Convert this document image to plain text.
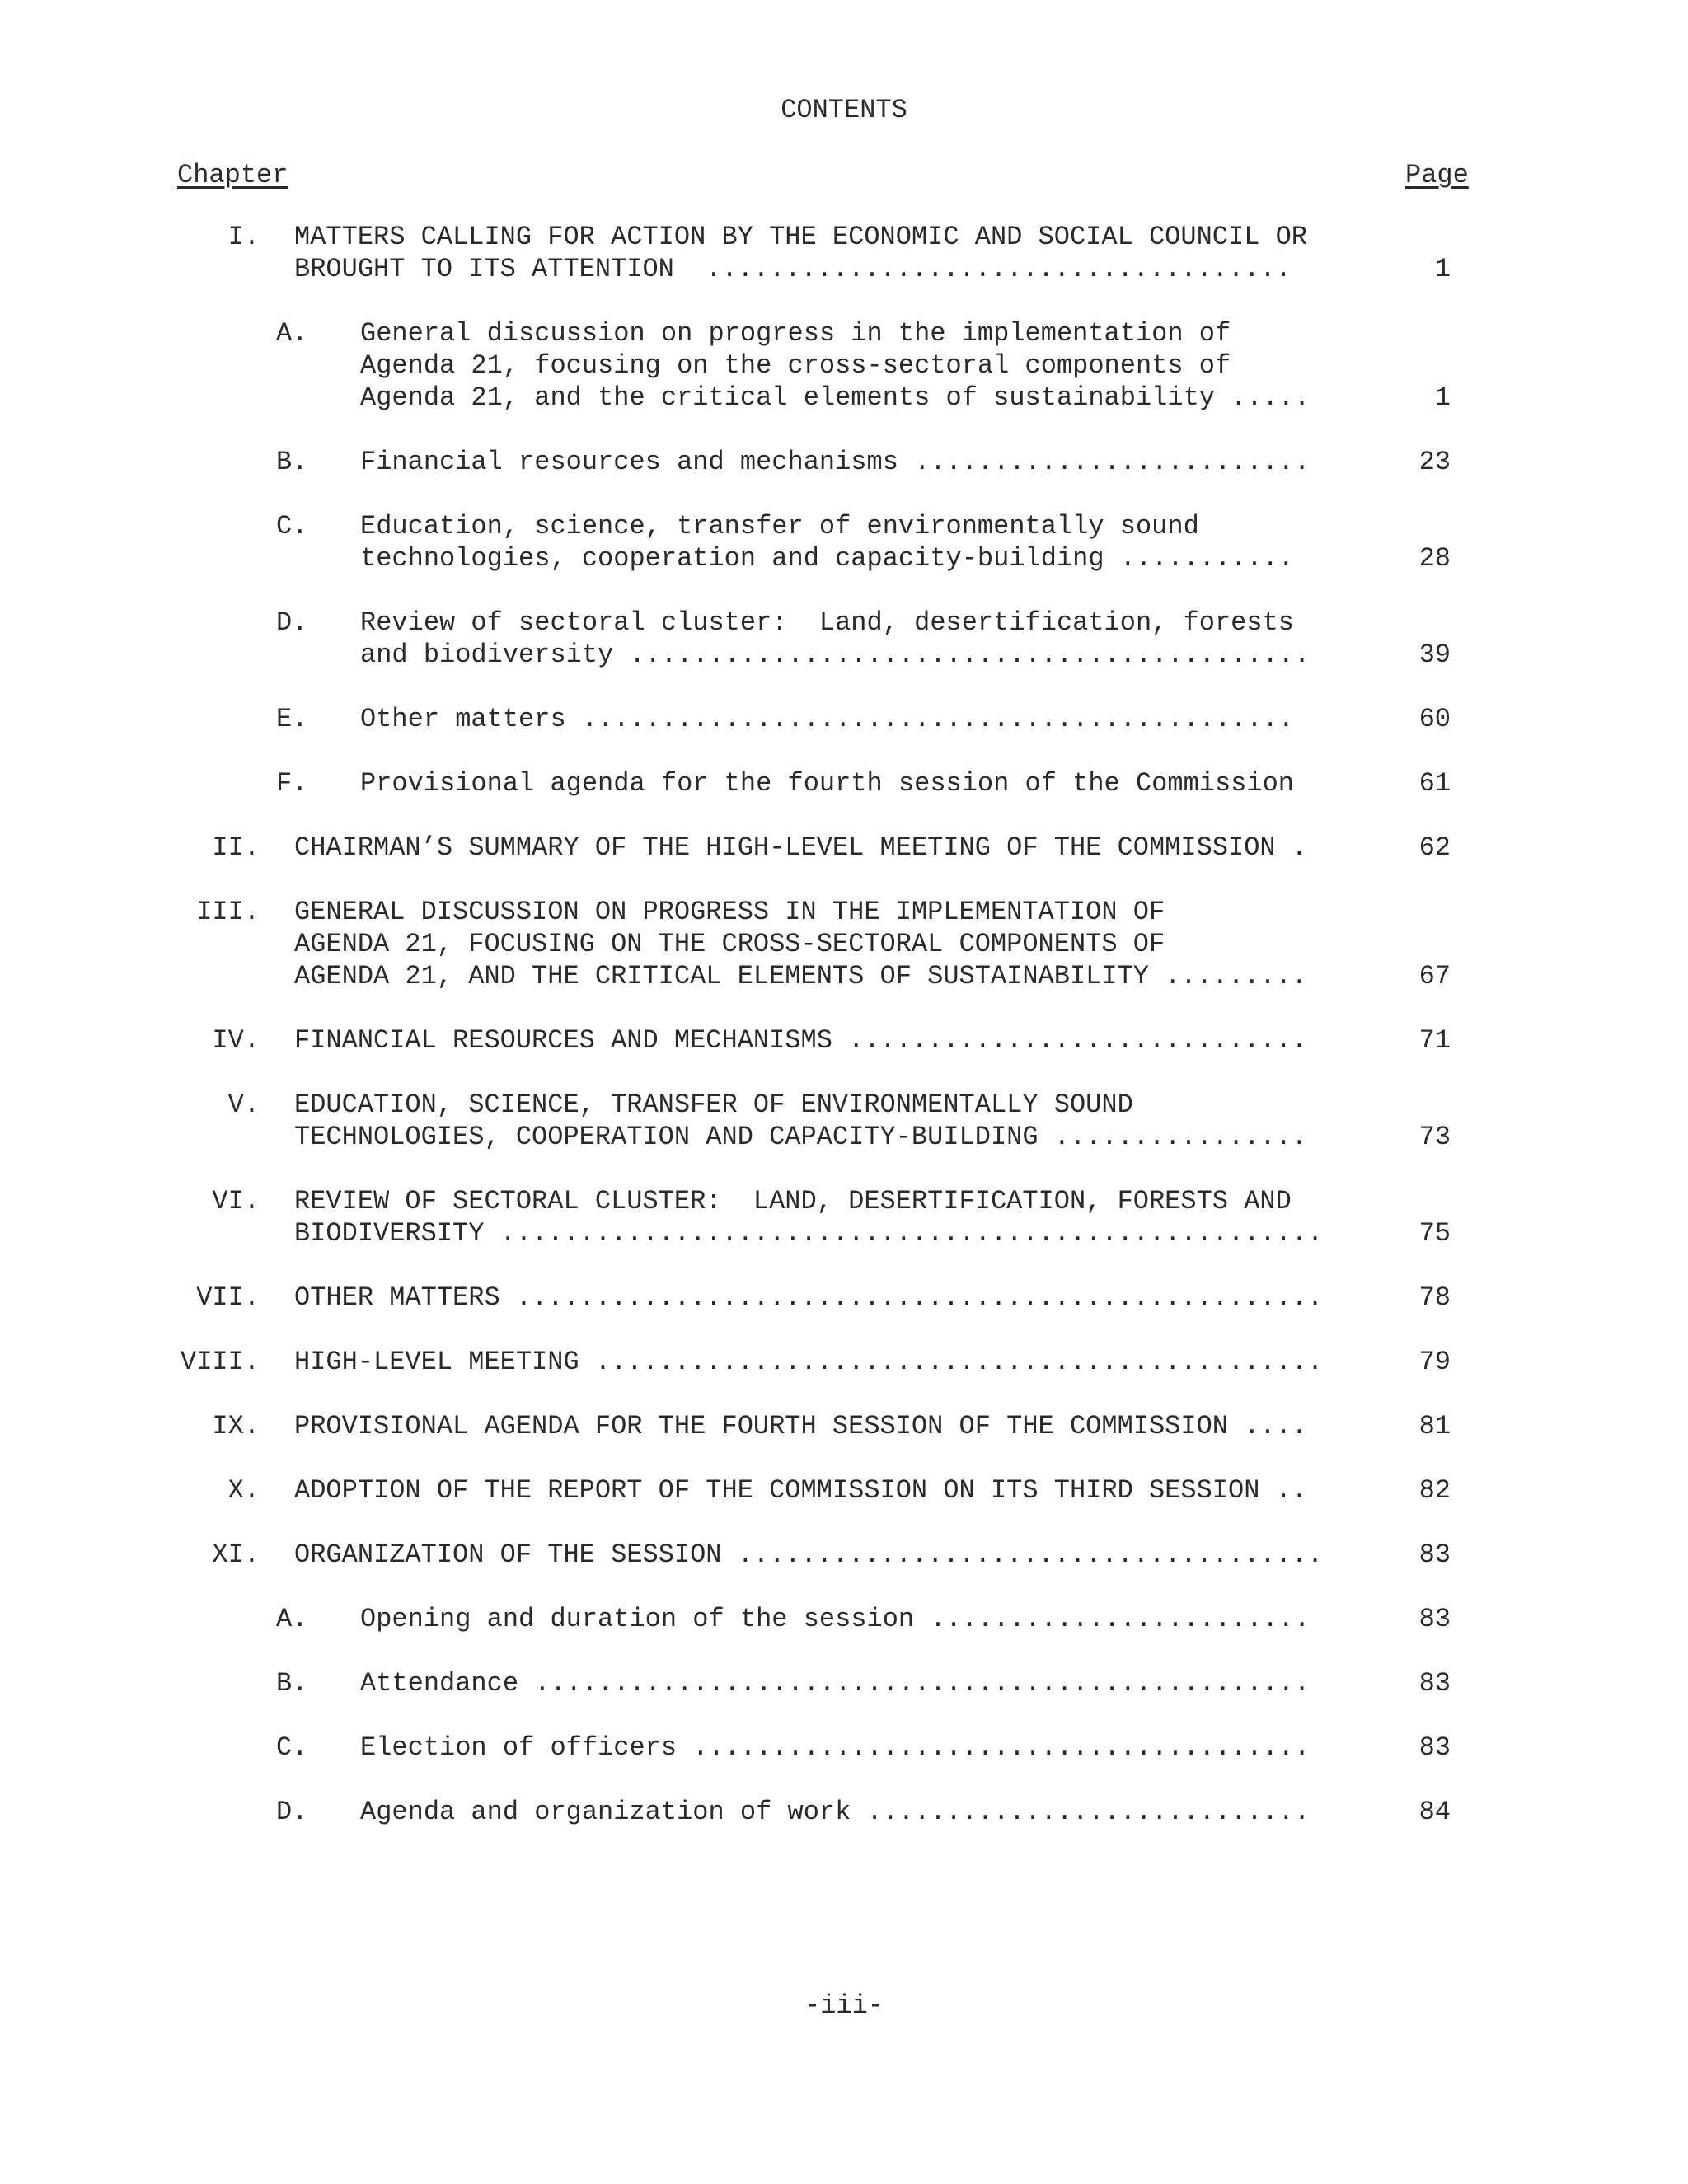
CONTENTS
Chapter	Page
I. MATTERS CALLING FOR ACTION BY THE ECONOMIC AND SOCIAL COUNCIL OR
BROUGHT TO ITS ATTENTION  .....................................	1
A.	General discussion on progress in the implementation of
Agenda 21, focusing on the cross-sectoral components of
Agenda 21, and the critical elements of sustainability .....	1
B.	Financial resources and mechanisms .........................	23
C.	Education, science, transfer of environmentally sound
technologies, cooperation and capacity-building ...........	28
D.	Review of sectoral cluster:  Land, desertification, forests
and biodiversity ...........................................	39
E.	Other matters .............................................	60
F.	Provisional agenda for the fourth session of the Commission	61
II. CHAIRMAN’S SUMMARY OF THE HIGH-LEVEL MEETING OF THE COMMISSION .	62
III. GENERAL DISCUSSION ON PROGRESS IN THE IMPLEMENTATION OF
AGENDA 21, FOCUSING ON THE CROSS-SECTORAL COMPONENTS OF
AGENDA 21, AND THE CRITICAL ELEMENTS OF SUSTAINABILITY .........	67
IV. FINANCIAL RESOURCES AND MECHANISMS .............................	71
V. EDUCATION, SCIENCE, TRANSFER OF ENVIRONMENTALLY SOUND
TECHNOLOGIES, COOPERATION AND CAPACITY-BUILDING ................	73
VI. REVIEW OF SECTORAL CLUSTER:  LAND, DESERTIFICATION, FORESTS AND
BIODIVERSITY ....................................................	75
VII. OTHER MATTERS ...................................................	78
VIII. HIGH-LEVEL MEETING ..............................................	79
IX. PROVISIONAL AGENDA FOR THE FOURTH SESSION OF THE COMMISSION ....	81
X. ADOPTION OF THE REPORT OF THE COMMISSION ON ITS THIRD SESSION ..	82
XI. ORGANIZATION OF THE SESSION .....................................	83
A.	Opening and duration of the session ........................	83
B.	Attendance .................................................	83
C.	Election of officers .......................................	83
D.	Agenda and organization of work ............................	84
-iii-
